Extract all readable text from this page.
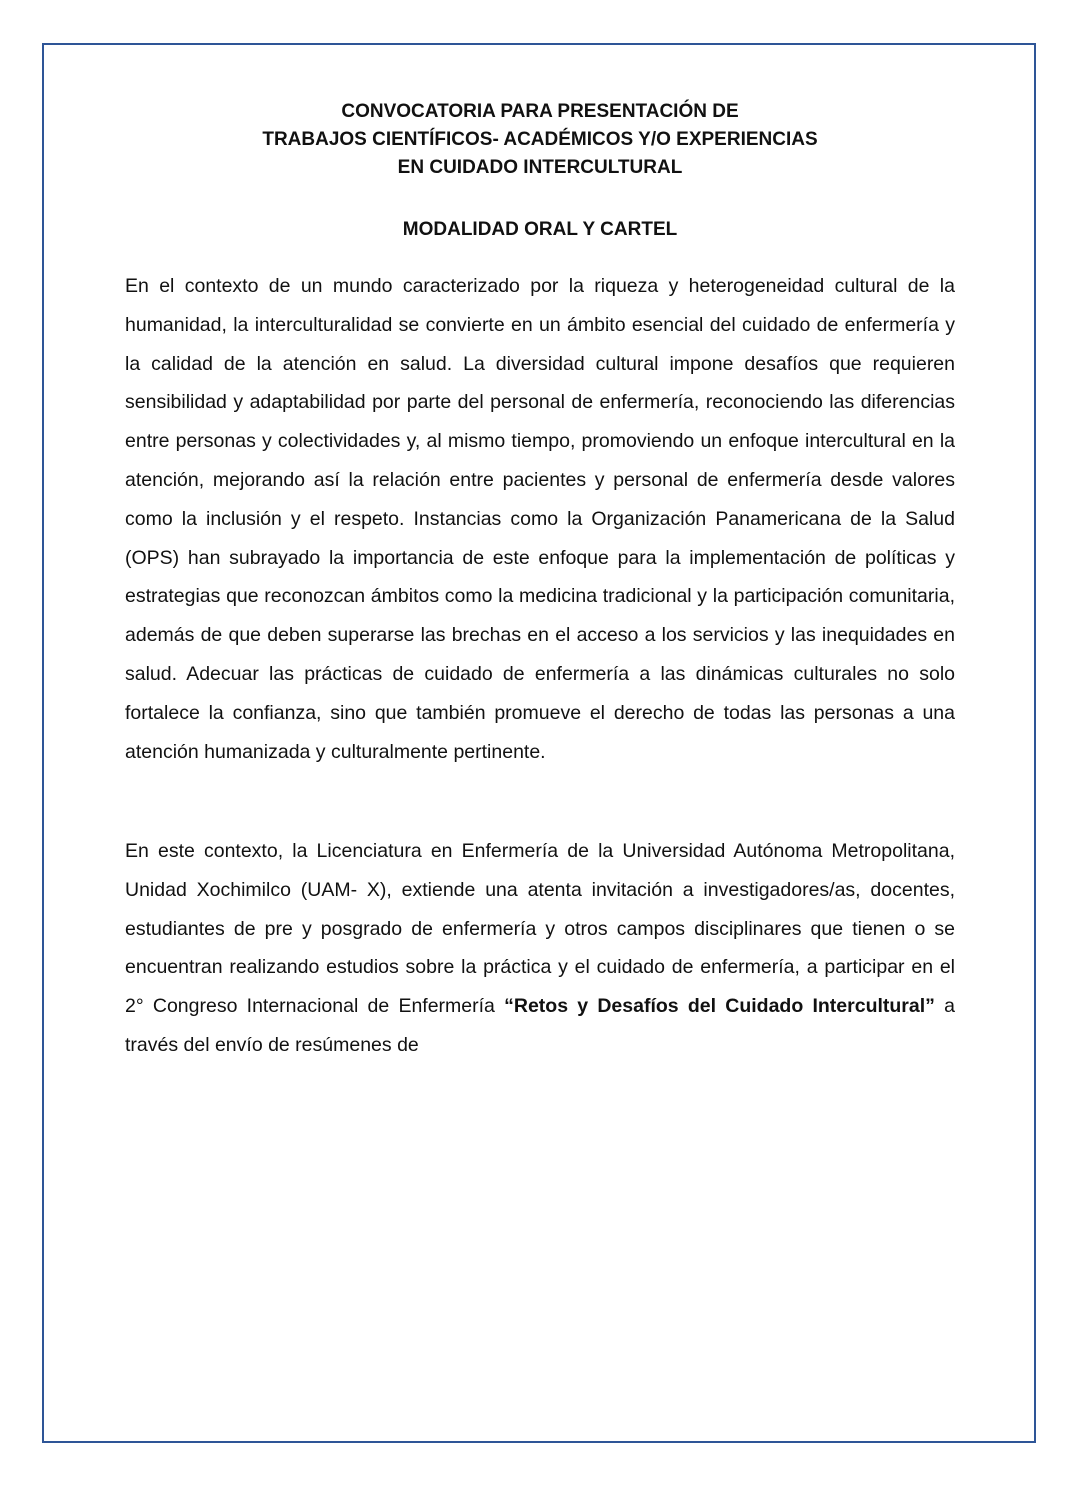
CONVOCATORIA PARA PRESENTACIÓN DE
TRABAJOS CIENTÍFICOS- ACADÉMICOS Y/O EXPERIENCIAS
EN CUIDADO INTERCULTURAL
MODALIDAD ORAL Y CARTEL

En el contexto de un mundo caracterizado por la riqueza y heterogeneidad cultural de la humanidad, la interculturalidad se convierte en un ámbito esencial del cuidado de enfermería y la calidad de la atención en salud. La diversidad cultural impone desafíos que requieren sensibilidad y adaptabilidad por parte del personal de enfermería, reconociendo las diferencias entre personas y colectividades y, al mismo tiempo, promoviendo un enfoque intercultural en la atención, mejorando así la relación entre pacientes y personal de enfermería desde valores como la inclusión y el respeto. Instancias como la Organización Panamericana de la Salud (OPS) han subrayado la importancia de este enfoque para la implementación de políticas y estrategias que reconozcan ámbitos como la medicina tradicional y la participación comunitaria, además de que deben superarse las brechas en el acceso a los servicios y las inequidades en salud. Adecuar las prácticas de cuidado de enfermería a las dinámicas culturales no solo fortalece la confianza, sino que también promueve el derecho de todas las personas a una atención humanizada y culturalmente pertinente.

En este contexto, la Licenciatura en Enfermería de la Universidad Autónoma Metropolitana, Unidad Xochimilco (UAM- X), extiende una atenta invitación a investigadores/as, docentes, estudiantes de pre y posgrado de enfermería y otros campos disciplinares que tienen o se encuentran realizando estudios sobre la práctica y el cuidado de enfermería, a participar en el 2° Congreso Internacional de Enfermería “Retos y Desafíos del Cuidado Intercultural” a través del envío de resúmenes de
